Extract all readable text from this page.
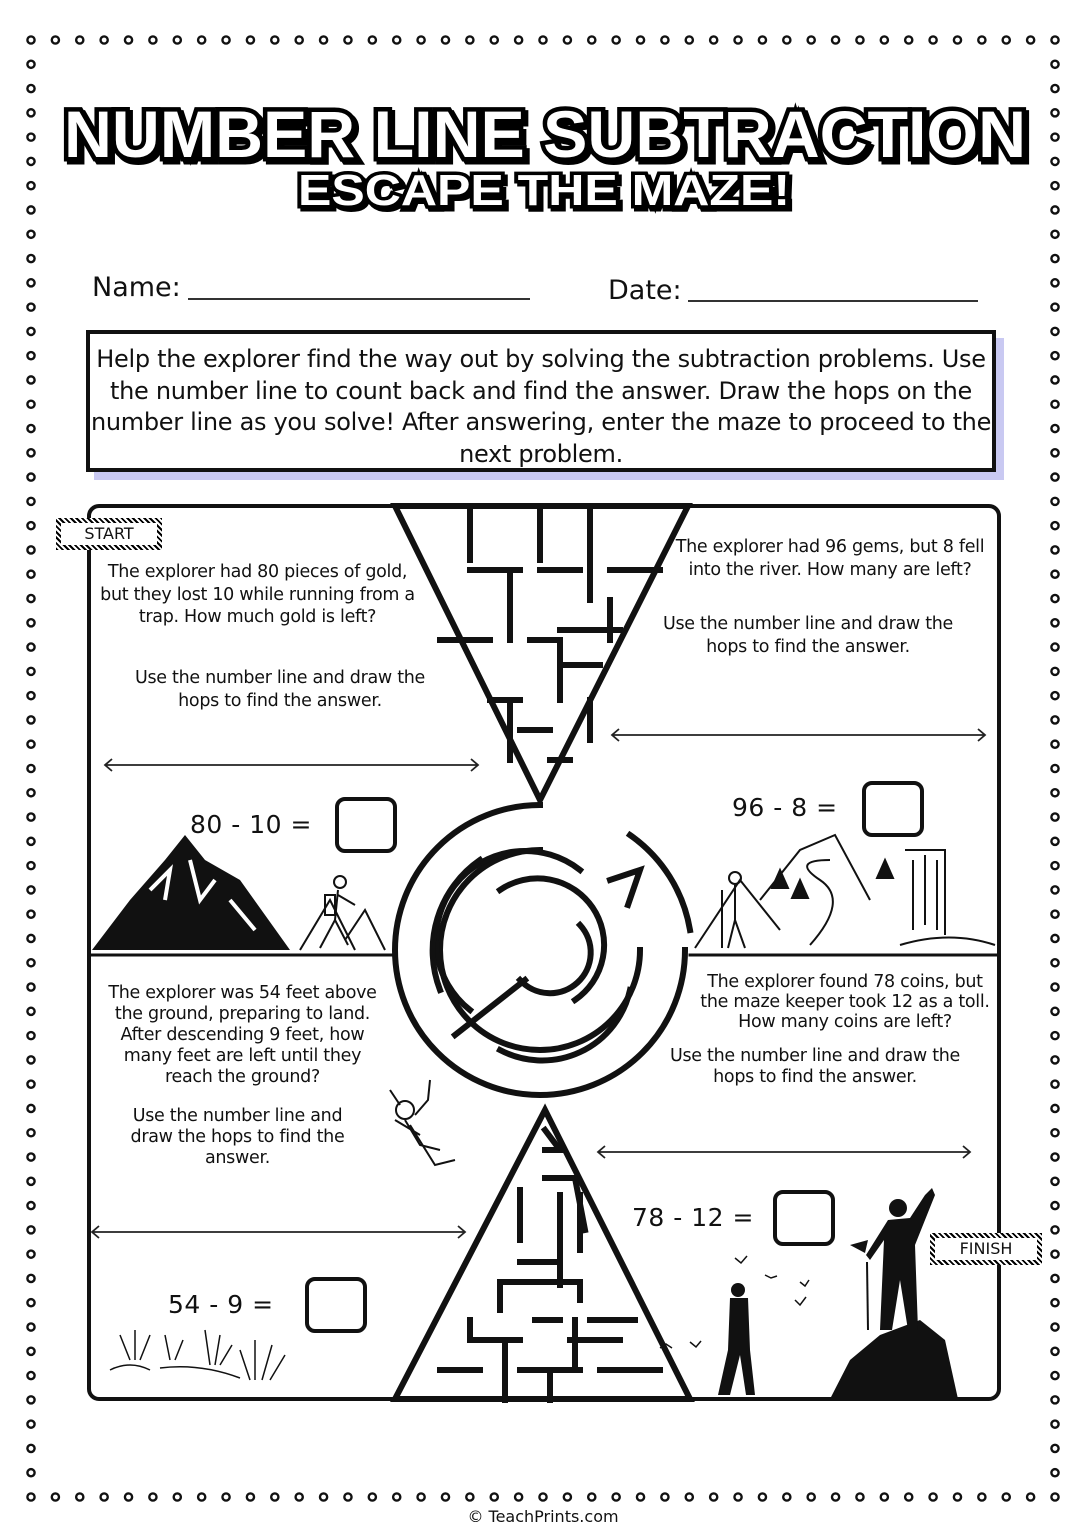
NUMBER LINE SUBTRACTION
ESCAPE THE MAZE!
Name:	Date:
Help the explorer find the way out by solving the subtraction problems. Use the number line to count back and find the answer. Draw the hops on the number line as you solve! After answering, enter the maze to proceed to the next problem.
START
FINISH
The explorer had 80 pieces of gold, but they lost 10 while running from a trap. How much gold is left?
Use the number line and draw the hops to find the answer.
80 - 10 =
The explorer had 96 gems, but 8 fell into the river. How many are left?
Use the number line and draw the hops to find the answer.
96 - 8 =
The explorer was 54 feet above the ground, preparing to land. After descending 9 feet, how many feet are left until they reach the ground?
Use the number line and draw the hops to find the answer.
54 - 9 =
The explorer found 78 coins, but the maze keeper took 12 as a toll. How many coins are left?
Use the number line and draw the hops to find the answer.
78 - 12 =
© TeachPrints.com
